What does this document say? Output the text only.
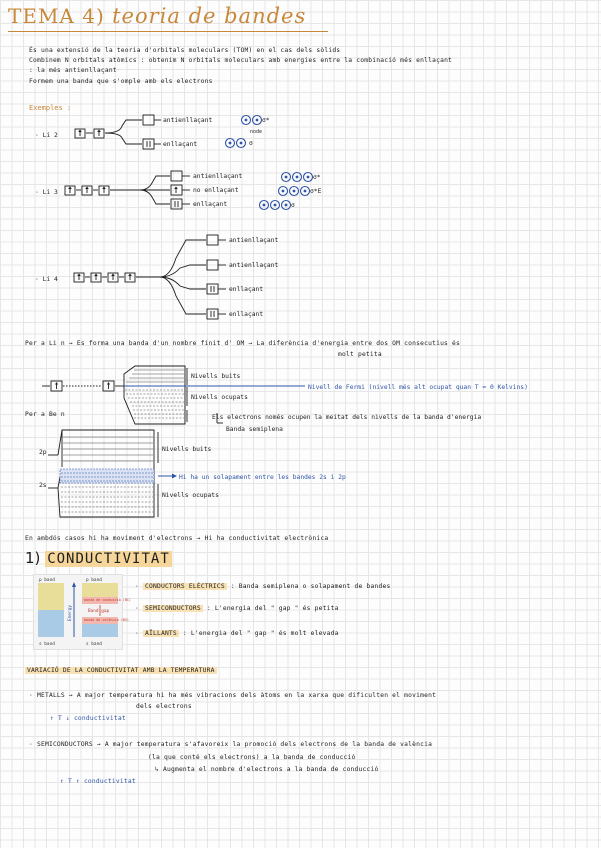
TEMA 4) teoria de bandes
És una extensió de la teoria d'orbitals moleculars (TOM) en el cas dels sòlids
Combinem N orbitals atòmics : obtenim N orbitals moleculars amb energies entre la combinació més enllaçant
: la més antienllaçant
Formem una banda que s'omple amb els electrons
Exemples :
· Li 2
antienllaçant	σ*
node
enllaçant	σ
· Li 3
antienllaçant	σ*
no enllaçant	σ*E
enllaçant	σ
· Li 4
antienllaçant
antienllaçant
enllaçant
enllaçant
Per a Li n → Es forma una banda d'un nombre finit d' OM → La diferència d'energia entre dos OM consecutius és
molt petita
Nivells buits
Nivell de Fermi (nivell més alt ocupat quan T = 0 Kelvins)
Nivells ocupats
Els electrons només ocupen la meitat dels nivells de la banda d'energia
Banda semiplena
Per a Be n
2p
2s
Nivells buits
Hi ha un solapament entre les bandes 2s i 2p
Nivells ocupats
En ambdós casos hi ha moviment d'electrons → Hi ha conductivitat electrònica
1) CONDUCTIVITAT
p band	p band
s band	s band
banda de conducció (BC)
Band gap
banda de valència (BV)
Energy
· CONDUCTORS ELÈCTRICS : Banda semiplena o solapament de bandes
· SEMICONDUCTORS : L'energia del " gap " és petita
· AÏLLANTS : L'energia del " gap " és molt elevada
VARIACIÓ DE LA CONDUCTIVITAT AMB LA TEMPERATURA
· METALLS → A major temperatura hi ha més vibracions dels àtoms en la xarxa que dificulten el moviment
dels electrons
↑ T ↓ conductivitat
· SEMICONDUCTORS → A major temperatura s'afavoreix la promoció dels electrons de la banda de valència
(la que conté els electrons) a la banda de conducció
↳ Augmenta el nombre d'electrons a la banda de conducció
↑ T ↑ conductivitat
